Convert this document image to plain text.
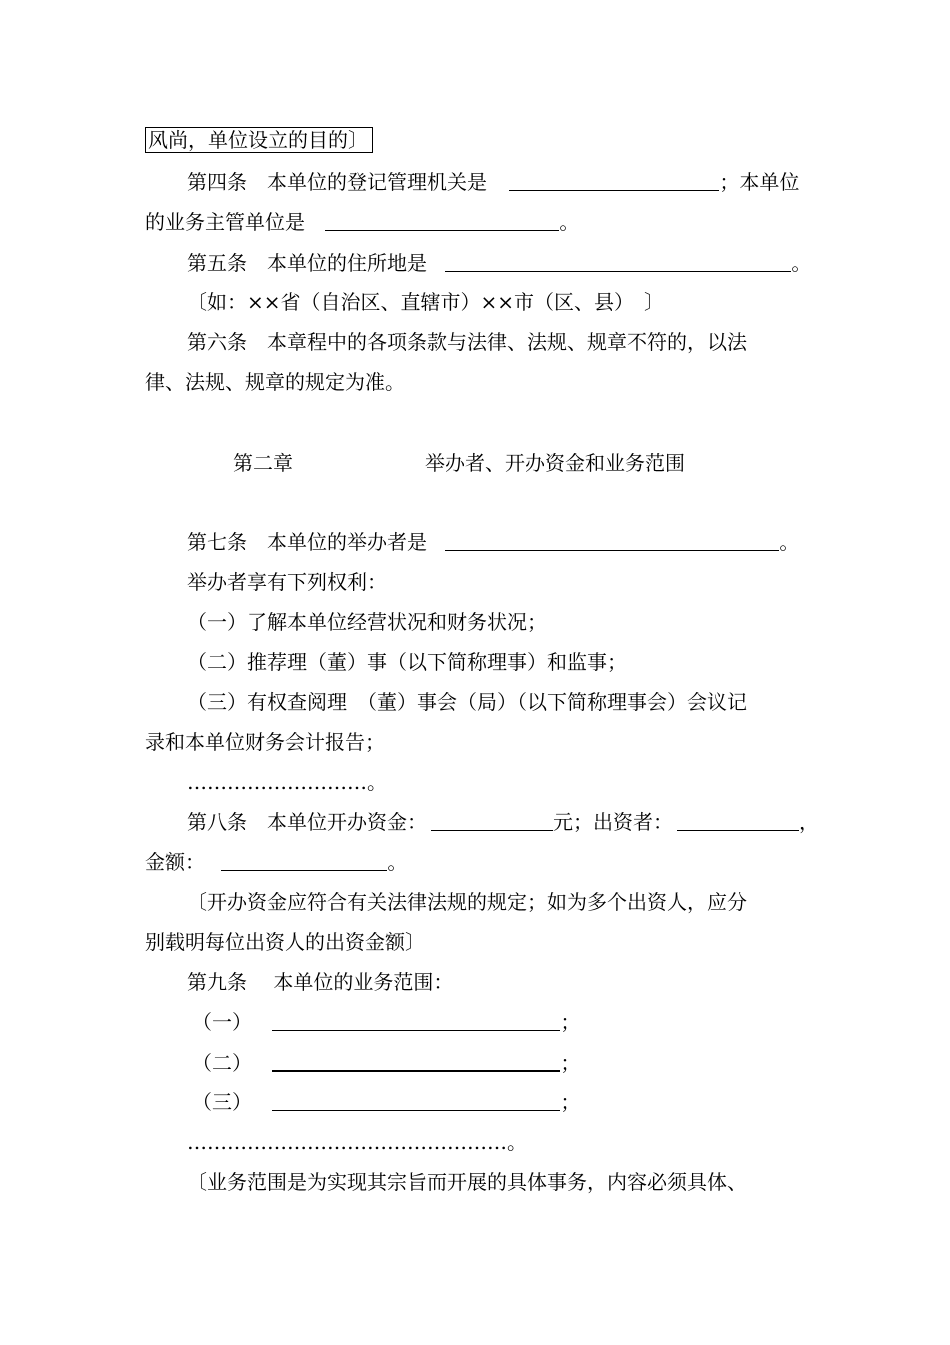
风尚，单位设立的目的〕
第四条　本单位的登记管理机关是	；本单位
的业务主管单位是	。
第五条　本单位的住所地是	。
〔如：××省（自治区、直辖市）××市（区、县）　〕
第六条　本章程中的各项条款与法律、法规、规章不符的，以法
律、法规、规章的规定为准。
第二章	举办者、开办资金和业务范围
第七条　本单位的举办者是	。
举办者享有下列权利：
（一）了解本单位经营状况和财务状况；
（二）推荐理（董）事（以下简称理事）和监事；
（三）有权查阅理　（董）事会（局）（以下简称理事会）会议记
录和本单位财务会计报告；
………………………。
第八条　本单位开办资金：	元；出资者：	，
金额：	。
〔开办资金应符合有关法律法规的规定；如为多个出资人，应分
别载明每位出资人的出资金额〕
第九条　 本单位的业务范围：
（一）	；
（二）	；
（三）	；
…………………………………………。
〔业务范围是为实现其宗旨而开展的具体事务，内容必须具体、
